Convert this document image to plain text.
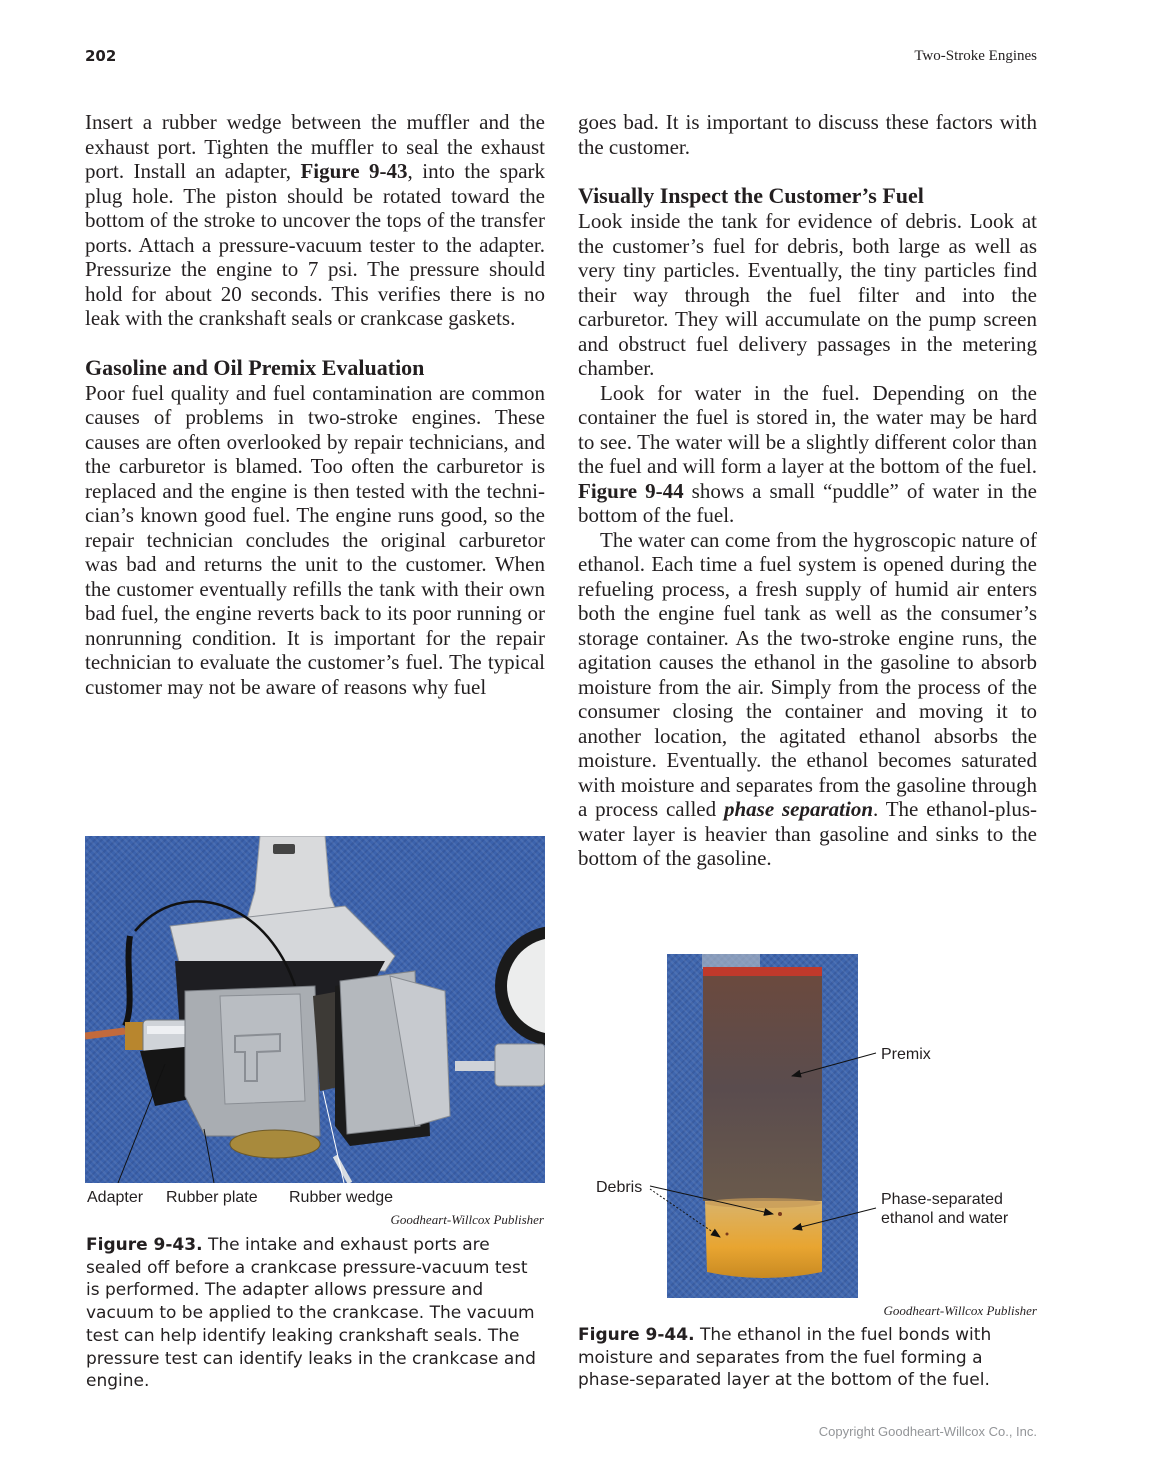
202	Two-Stroke Engines

Insert a rubber wedge between the muffler and the exhaust port. Tighten the muffler to seal the exhaust port. Install an adapter, Figure 9-43, into the spark plug hole. The piston should be rotated toward the bottom of the stroke to uncover the tops of the transfer ports. Attach a pressure-vacuum tester to the adapter. Pressurize the engine to 7 psi. The pressure should hold for about 20 seconds. This verifies there is no leak with the crankshaft seals or crankcase gaskets.

Gasoline and Oil Premix Evaluation

Poor fuel quality and fuel contamination are common causes of problems in two-stroke engines. These causes are often overlooked by repair technicians, and the carburetor is blamed. Too often the carburetor is replaced and the engine is then tested with the technician’s known good fuel. The engine runs good, so the repair technician concludes the original carburetor was bad and returns the unit to the customer. When the customer eventually refills the tank with their own bad fuel, the engine reverts back to its poor running or nonrunning condition. It is important for the repair technician to evaluate the customer’s fuel. The typical customer may not be aware of reasons why fuel

goes bad. It is important to discuss these factors with the customer.

Visually Inspect the Customer’s Fuel

Look inside the tank for evidence of debris. Look at the customer’s fuel for debris, both large as well as very tiny particles. Eventually, the tiny particles find their way through the fuel filter and into the carburetor. They will accumulate on the pump screen and obstruct fuel delivery passages in the metering chamber.

Look for water in the fuel. Depending on the container the fuel is stored in, the water may be hard to see. The water will be a slightly different color than the fuel and will form a layer at the bottom of the fuel. Figure 9-44 shows a small “puddle” of water in the bottom of the fuel.

The water can come from the hygroscopic nature of ethanol. Each time a fuel system is opened during the refueling process, a fresh supply of humid air enters both the engine fuel tank as well as the consumer’s storage container. As the two-stroke engine runs, the agitation causes the ethanol in the gasoline to absorb moisture from the air. Simply from the process of the consumer closing the container and moving it to another location, the agitated ethanol absorbs the moisture. Eventually. the ethanol becomes saturated with moisture and separates from the gasoline through a process called phase separation. The ethanol-plus-water layer is heavier than gasoline and sinks to the bottom of the gasoline.

Adapter Rubber plate Rubber wedge
Goodheart-Willcox Publisher
Figure 9-43. The intake and exhaust ports are sealed off before a crankcase pressure-vacuum test is performed. The adapter allows pressure and vacuum to be applied to the crankcase. The vacuum test can help identify leaking crankshaft seals. The pressure test can identify leaks in the crankcase and engine.
Premix
Debris
Phase-separated
ethanol and water
Goodheart-Willcox Publisher
Figure 9-44. The ethanol in the fuel bonds with moisture and separates from the fuel forming a phase-separated layer at the bottom of the fuel.
Copyright Goodheart-Willcox Co., Inc.
